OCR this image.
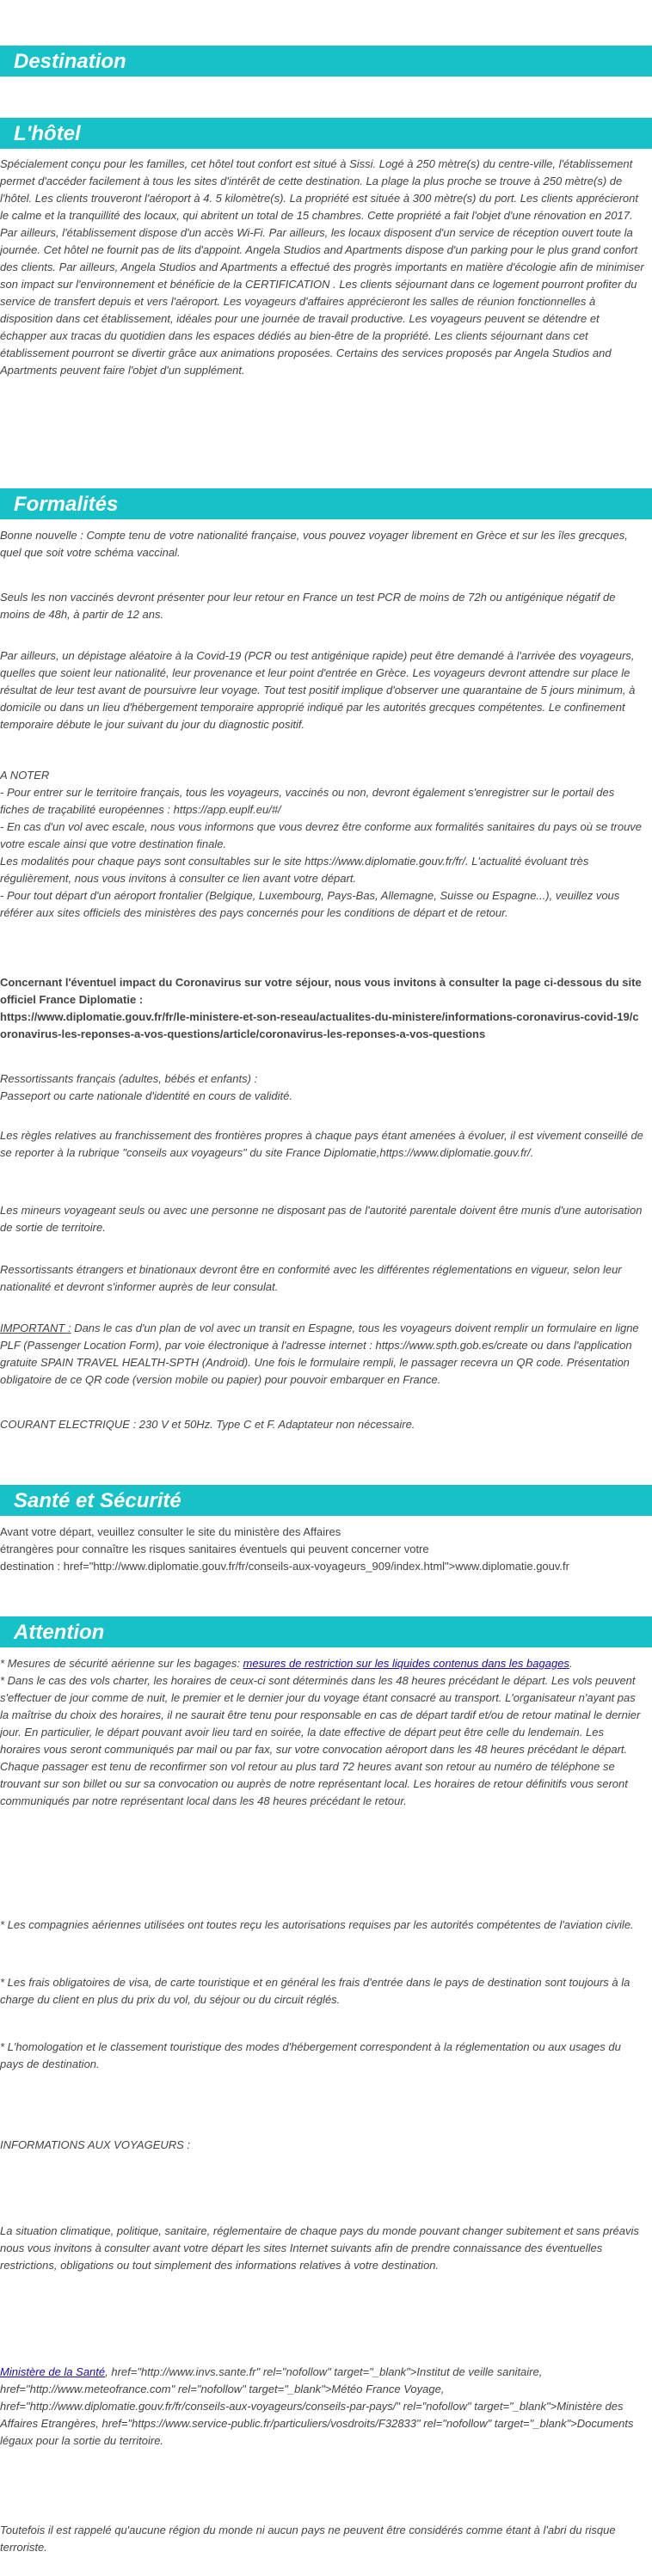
Destination
L'hôtel

Spécialement conçu pour les familles, cet hôtel tout confort est situé à Sissi. Logé à 250 mètre(s) du centre-ville, l'établissement permet d'accéder facilement à tous les sites d'intérêt de cette destination. La plage la plus proche se trouve à 250 mètre(s) de l'hôtel. Les clients trouveront l'aéroport à 4. 5 kilomètre(s). La propriété est située à 300 mètre(s) du port. Les clients apprécieront le calme et la tranquillité des locaux, qui abritent un total de 15 chambres. Cette propriété a fait l'objet d'une rénovation en 2017. Par ailleurs, l'établissement dispose d'un accès Wi-Fi. Par ailleurs, les locaux disposent d'un service de réception ouvert toute la journée. Cet hôtel ne fournit pas de lits d'appoint. Angela Studios and Apartments dispose d'un parking pour le plus grand confort des clients. Par ailleurs, Angela Studios and Apartments a effectué des progrès importants en matière d'écologie afin de minimiser son impact sur l'environnement et bénéficie de la CERTIFICATION . Les clients séjournant dans ce logement pourront profiter du service de transfert depuis et vers l'aéroport. Les voyageurs d'affaires apprécieront les salles de réunion fonctionnelles à disposition dans cet établissement, idéales pour une journée de travail productive. Les voyageurs peuvent se détendre et échapper aux tracas du quotidien dans les espaces dédiés au bien-être de la propriété. Les clients séjournant dans cet établissement pourront se divertir grâce aux animations proposées. Certains des services proposés par Angela Studios and Apartments peuvent faire l'objet d'un supplément.

Formalités

Bonne nouvelle : Compte tenu de votre nationalité française, vous pouvez voyager librement en Grèce et sur les îles grecques, quel que soit votre schéma vaccinal.

Seuls les non vaccinés devront présenter pour leur retour en France un test PCR de moins de 72h ou antigénique négatif de moins de 48h, à partir de 12 ans.

Par ailleurs, un dépistage aléatoire à la Covid-19 (PCR ou test antigénique rapide) peut être demandé à l'arrivée des voyageurs, quelles que soient leur nationalité, leur provenance et leur point d'entrée en Grèce. Les voyageurs devront attendre sur place le résultat de leur test avant de poursuivre leur voyage. Tout test positif implique d'observer une quarantaine de 5 jours minimum, à domicile ou dans un lieu d'hébergement temporaire approprié indiqué par les autorités grecques compétentes. Le confinement temporaire débute le jour suivant du jour du diagnostic positif.

A NOTER
- Pour entrer sur le territoire français, tous les voyageurs, vaccinés ou non, devront également s'enregistrer sur le portail des fiches de traçabilité européennes : https://app.euplf.eu/#/
- En cas d'un vol avec escale, nous vous informons que vous devrez être conforme aux formalités sanitaires du pays où se trouve votre escale ainsi que votre destination finale.
Les modalités pour chaque pays sont consultables sur le site https://www.diplomatie.gouv.fr/fr/. L'actualité évoluant très régulièrement, nous vous invitons à consulter ce lien avant votre départ.
- Pour tout départ d'un aéroport frontalier (Belgique, Luxembourg, Pays-Bas, Allemagne, Suisse ou Espagne...), veuillez vous référer aux sites officiels des ministères des pays concernés pour les conditions de départ et de retour.
Concernant l'éventuel impact du Coronavirus sur votre séjour, nous vous invitons à consulter la page ci-dessous du site officiel France Diplomatie :
https://www.diplomatie.gouv.fr/fr/le-ministere-et-son-reseau/actualites-du-ministere/informations-coronavirus-covid-19/coronavirus-les-reponses-a-vos-questions/article/coronavirus-les-reponses-a-vos-questions
Ressortissants français (adultes, bébés et enfants) :
Passeport ou carte nationale d'identité en cours de validité.

Les règles relatives au franchissement des frontières propres à chaque pays étant amenées à évoluer, il est vivement conseillé de se reporter à la rubrique "conseils aux voyageurs" du site France Diplomatie,https://www.diplomatie.gouv.fr/.

Les mineurs voyageant seuls ou avec une personne ne disposant pas de l'autorité parentale doivent être munis d'une autorisation de sortie de territoire.

Ressortissants étrangers et binationaux devront être en conformité avec les différentes réglementations en vigueur, selon leur nationalité et devront s'informer auprès de leur consulat.

IMPORTANT : Dans le cas d'un plan de vol avec un transit en Espagne, tous les voyageurs doivent remplir un formulaire en ligne PLF (Passenger Location Form), par voie électronique à l'adresse internet : https://www.spth.gob.es/create ou dans l'application gratuite SPAIN TRAVEL HEALTH-SPTH (Android). Une fois le formulaire rempli, le passager recevra un QR code. Présentation obligatoire de ce QR code (version mobile ou papier) pour pouvoir embarquer en France.

COURANT ELECTRIQUE : 230 V et 50Hz. Type C et F. Adaptateur non nécessaire.

Santé et Sécurité
Avant votre départ, veuillez consulter le site du ministère des Affaires
étrangères pour connaître les risques sanitaires éventuels qui peuvent concerner votre
destination : href="http://www.diplomatie.gouv.fr/fr/conseils-aux-voyageurs_909/index.html">www.diplomatie.gouv.fr
Attention

* Mesures de sécurité aérienne sur les bagages: mesures de restriction sur les liquides contenus dans les bagages.

* Dans le cas des vols charter, les horaires de ceux-ci sont déterminés dans les 48 heures précédant le départ. Les vols peuvent s'effectuer de jour comme de nuit, le premier et le dernier jour du voyage étant consacré au transport. L'organisateur n'ayant pas la maîtrise du choix des horaires, il ne saurait être tenu pour responsable en cas de départ tardif et/ou de retour matinal le dernier jour. En particulier, le départ pouvant avoir lieu tard en soirée, la date effective de départ peut être celle du lendemain. Les horaires vous seront communiqués par mail ou par fax, sur votre convocation aéroport dans les 48 heures précédant le départ. Chaque passager est tenu de reconfirmer son vol retour au plus tard 72 heures avant son retour au numéro de téléphone se trouvant sur son billet ou sur sa convocation ou auprès de notre représentant local. Les horaires de retour définitifs vous seront communiqués par notre représentant local dans les 48 heures précédant le retour.

* Les compagnies aériennes utilisées ont toutes reçu les autorisations requises par les autorités compétentes de l'aviation civile.

* Les frais obligatoires de visa, de carte touristique et en général les frais d'entrée dans le pays de destination sont toujours à la charge du client en plus du prix du vol, du séjour ou du circuit réglés.

* L'homologation et le classement touristique des modes d'hébergement correspondent à la réglementation ou aux usages du pays de destination.

INFORMATIONS AUX VOYAGEURS :

La situation climatique, politique, sanitaire, réglementaire de chaque pays du monde pouvant changer subitement et sans préavis
nous vous invitons à consulter avant votre départ les sites Internet suivants afin de prendre connaissance des éventuelles restrictions, obligations ou tout simplement des informations relatives à votre destination.

Ministère de la Santé, href="http://www.invs.sante.fr" rel="nofollow" target="_blank">Institut de veille sanitaire, href="http://www.meteofrance.com" rel="nofollow" target="_blank">Météo France Voyage, href="http://www.diplomatie.gouv.fr/fr/conseils-aux-voyageurs/conseils-par-pays/" rel="nofollow" target="_blank">Ministère des Affaires Etrangères, href="https://www.service-public.fr/particuliers/vosdroits/F32833" rel="nofollow" target="_blank">Documents légaux pour la sortie du territoire.

Toutefois il est rappelé qu'aucune région du monde ni aucun pays ne peuvent être considérés comme étant à l'abri du risque terroriste.
